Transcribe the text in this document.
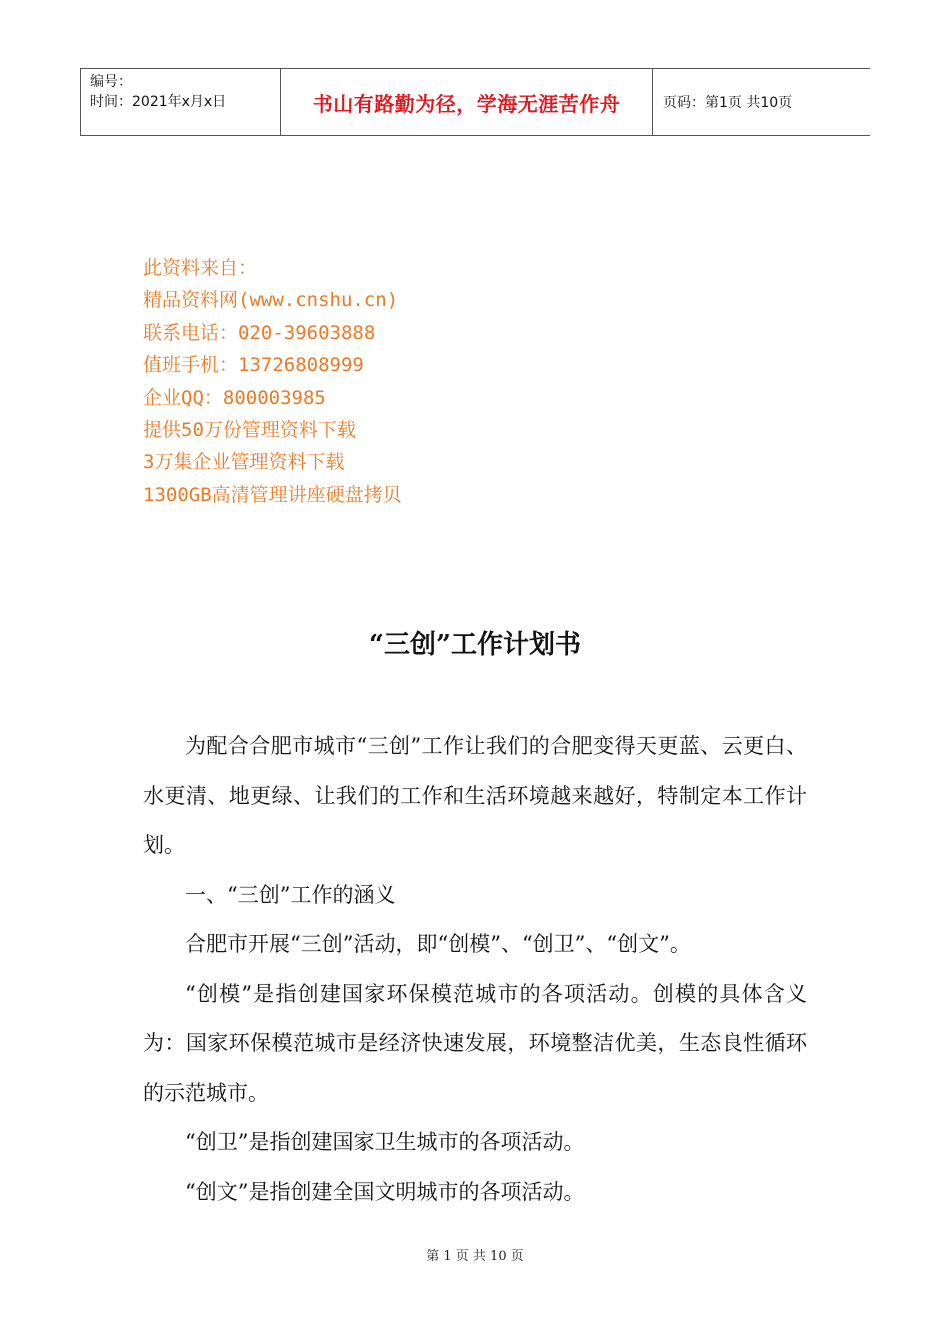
编号：
时间：2021年x月x日	书山有路勤为径，学海无涯苦作舟	页码：第1页 共10页
此资料来自：
精品资料网(www.cnshu.cn)
联系电话：020-39603888
值班手机：13726808999
企业QQ：800003985
提供50万份管理资料下载
3万集企业管理资料下载
1300GB高清管理讲座硬盘拷贝
“三创”工作计划书

为配合合肥市城市“三创”工作让我们的合肥变得天更蓝、云更白、水更清、地更绿、让我们的工作和生活环境越来越好，特制定本工作计划。

一、“三创”工作的涵义

合肥市开展“三创”活动，即“创模”、“创卫”、“创文”。

“创模”是指创建国家环保模范城市的各项活动。创模的具体含义为：国家环保模范城市是经济快速发展，环境整洁优美，生态良性循环的示范城市。

“创卫”是指创建国家卫生城市的各项活动。

“创文”是指创建全国文明城市的各项活动。

第 1 页 共 10 页
